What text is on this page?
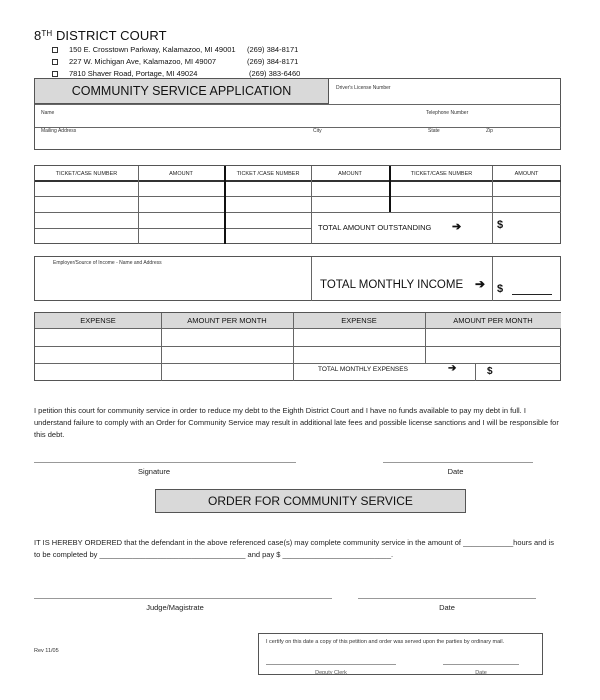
8TH DISTRICT COURT
150 E. Crosstown Parkway, Kalamazoo, MI 49001	(269) 384-8171
227 W. Michigan Ave, Kalamazoo, MI 49007	(269) 384-8171
7810 Shaver Road, Portage, MI 49024	(269) 383-6460
COMMUNITY SERVICE APPLICATION	Driver's License Number
Name	Telephone Number
Mailing Address	City	State	Zip
TICKET/CASE NUMBER	AMOUNT	TICKET /CASE NUMBER	AMOUNT	TICKET/CASE NUMBER	AMOUNT
TOTAL AMOUNT OUTSTANDING ➔	$
Employer/Source of Income - Name and Address
TOTAL MONTHLY INCOME ➔ $
EXPENSE	AMOUNT PER MONTH	EXPENSE	AMOUNT PER MONTH
TOTAL MONTHLY EXPENSES	➔	$
I petition this court for community service in order to reduce my debt to the Eighth District Court and I have no funds available to pay my debt in full. I understand failure to comply with an Order for Community Service may result in additional late fees and possible license sanctions and I will be responsible for this debt.
Signature	Date
ORDER FOR COMMUNITY SERVICE
IT IS HEREBY ORDERED that the defendant in the above referenced case(s) may complete community service in the amount of ____________hours and is
to be completed by ___________________________________ and pay $ __________________________.
Judge/Magistrate	Date
I certify on this date a copy of this petition and order was served upon the parties by ordinary mail.
Deputy Clerk	Date
Rev 11/05
